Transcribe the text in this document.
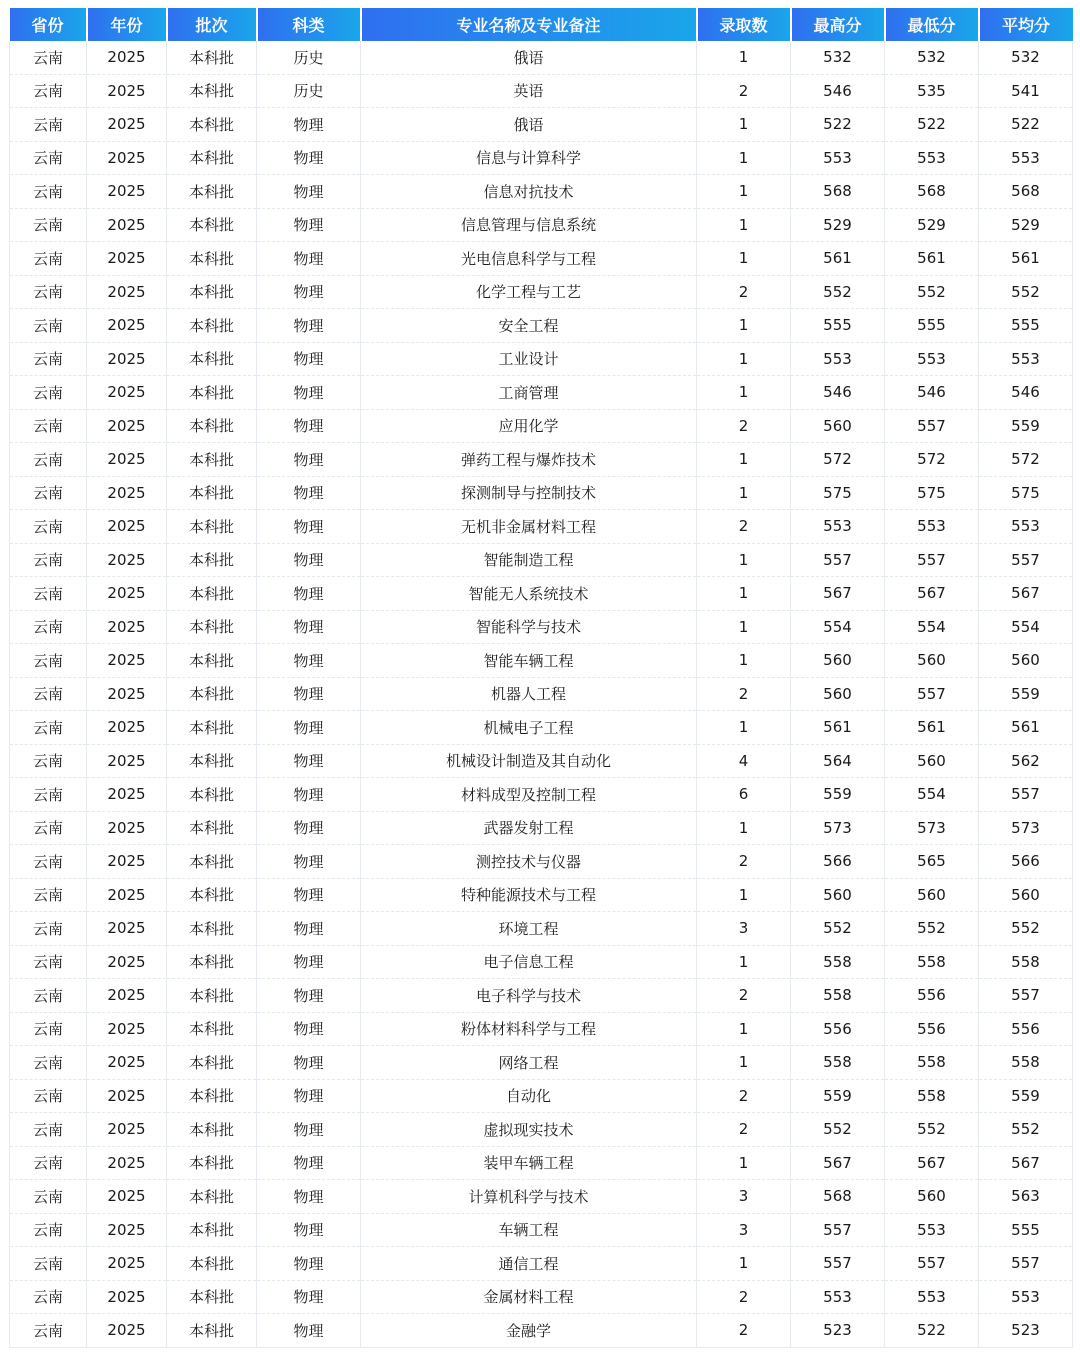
省份	年份	批次	科类	专业名称及专业备注	录取数	最高分	最低分	平均分
云南	2025	本科批	历史	俄语	1	532	532	532
云南	2025	本科批	历史	英语	2	546	535	541
云南	2025	本科批	物理	俄语	1	522	522	522
云南	2025	本科批	物理	信息与计算科学	1	553	553	553
云南	2025	本科批	物理	信息对抗技术	1	568	568	568
云南	2025	本科批	物理	信息管理与信息系统	1	529	529	529
云南	2025	本科批	物理	光电信息科学与工程	1	561	561	561
云南	2025	本科批	物理	化学工程与工艺	2	552	552	552
云南	2025	本科批	物理	安全工程	1	555	555	555
云南	2025	本科批	物理	工业设计	1	553	553	553
云南	2025	本科批	物理	工商管理	1	546	546	546
云南	2025	本科批	物理	应用化学	2	560	557	559
云南	2025	本科批	物理	弹药工程与爆炸技术	1	572	572	572
云南	2025	本科批	物理	探测制导与控制技术	1	575	575	575
云南	2025	本科批	物理	无机非金属材料工程	2	553	553	553
云南	2025	本科批	物理	智能制造工程	1	557	557	557
云南	2025	本科批	物理	智能无人系统技术	1	567	567	567
云南	2025	本科批	物理	智能科学与技术	1	554	554	554
云南	2025	本科批	物理	智能车辆工程	1	560	560	560
云南	2025	本科批	物理	机器人工程	2	560	557	559
云南	2025	本科批	物理	机械电子工程	1	561	561	561
云南	2025	本科批	物理	机械设计制造及其自动化	4	564	560	562
云南	2025	本科批	物理	材料成型及控制工程	6	559	554	557
云南	2025	本科批	物理	武器发射工程	1	573	573	573
云南	2025	本科批	物理	测控技术与仪器	2	566	565	566
云南	2025	本科批	物理	特种能源技术与工程	1	560	560	560
云南	2025	本科批	物理	环境工程	3	552	552	552
云南	2025	本科批	物理	电子信息工程	1	558	558	558
云南	2025	本科批	物理	电子科学与技术	2	558	556	557
云南	2025	本科批	物理	粉体材料科学与工程	1	556	556	556
云南	2025	本科批	物理	网络工程	1	558	558	558
云南	2025	本科批	物理	自动化	2	559	558	559
云南	2025	本科批	物理	虚拟现实技术	2	552	552	552
云南	2025	本科批	物理	装甲车辆工程	1	567	567	567
云南	2025	本科批	物理	计算机科学与技术	3	568	560	563
云南	2025	本科批	物理	车辆工程	3	557	553	555
云南	2025	本科批	物理	通信工程	1	557	557	557
云南	2025	本科批	物理	金属材料工程	2	553	553	553
云南	2025	本科批	物理	金融学	2	523	522	523
